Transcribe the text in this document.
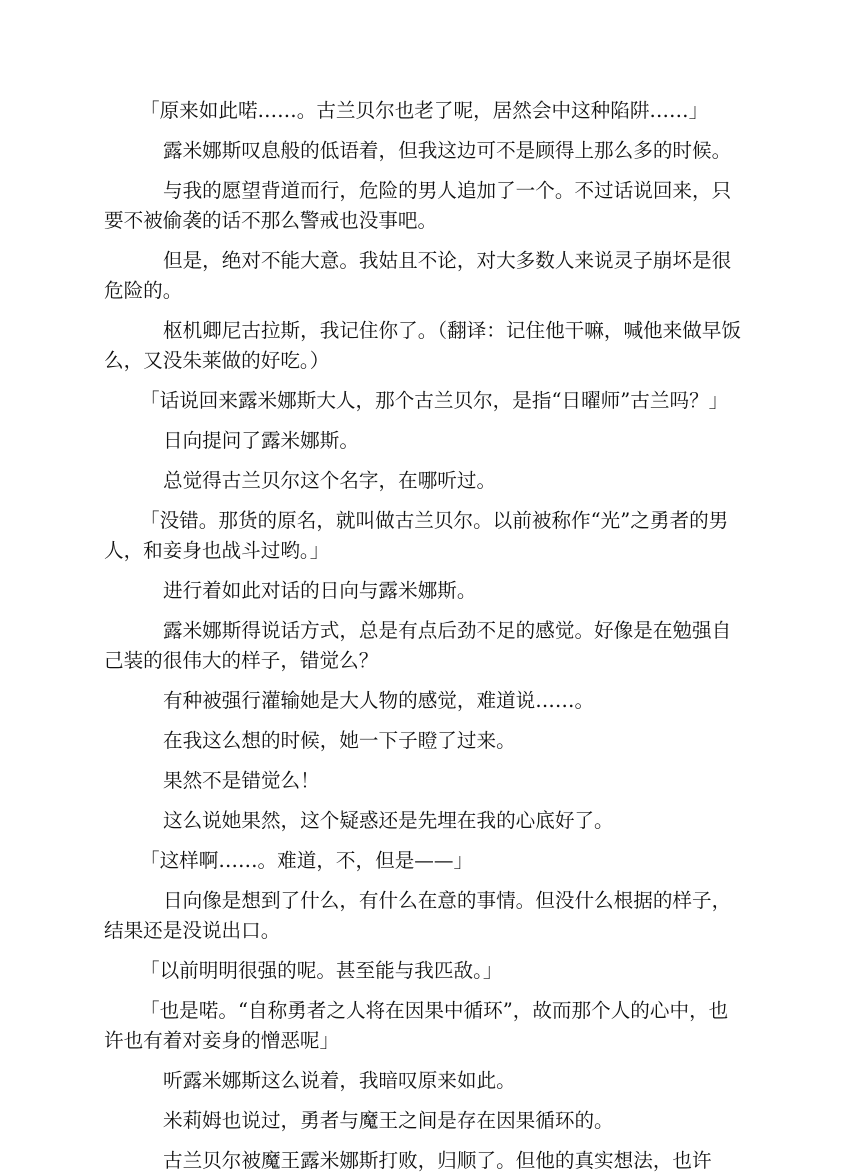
「原来如此喏……。古兰贝尔也老了呢，居然会中这种陷阱……」

露米娜斯叹息般的低语着，但我这边可不是顾得上那么多的时候。

与我的愿望背道而行，危险的男人追加了一个。不过话说回来，只要不被偷袭的话不那么警戒也没事吧。

但是，绝对不能大意。我姑且不论，对大多数人来说灵子崩坏是很危险的。

枢机卿尼古拉斯，我记住你了。（翻译：记住他干嘛，喊他来做早饭么，又没朱莱做的好吃。）

「话说回来露米娜斯大人，那个古兰贝尔，是指“日曜师”古兰吗？」

日向提问了露米娜斯。

总觉得古兰贝尔这个名字，在哪听过。

「没错。那货的原名，就叫做古兰贝尔。以前被称作“光”之勇者的男人，和妾身也战斗过哟。」

进行着如此对话的日向与露米娜斯。

露米娜斯得说话方式，总是有点后劲不足的感觉。好像是在勉强自己装的很伟大的样子，错觉么？

有种被强行灌输她是大人物的感觉，难道说……。

在我这么想的时候，她一下子瞪了过来。

果然不是错觉么！

这么说她果然，这个疑惑还是先埋在我的心底好了。

「这样啊……。难道，不，但是——」

日向像是想到了什么，有什么在意的事情。但没什么根据的样子，结果还是没说出口。

「以前明明很强的呢。甚至能与我匹敌。」

「也是喏。“自称勇者之人将在因果中循环”，故而那个人的心中，也许也有着对妾身的憎恶呢」

听露米娜斯这么说着，我暗叹原来如此。

米莉姆也说过，勇者与魔王之间是存在因果循环的。

古兰贝尔被魔王露米娜斯打败，归顺了。但他的真实想法，也许
